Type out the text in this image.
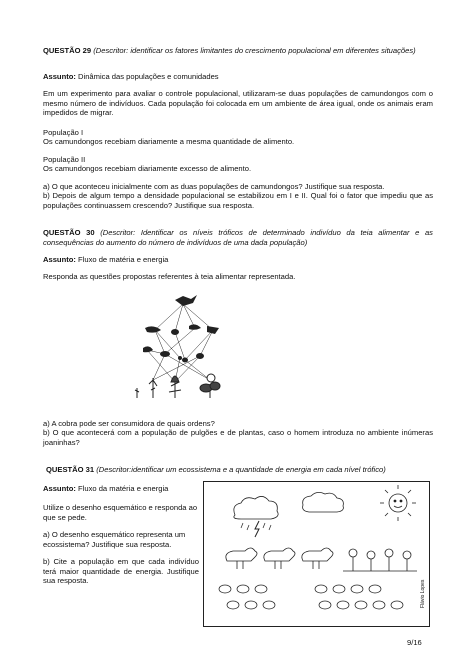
QUESTÃO 29 (Descritor: identificar os fatores limitantes do crescimento populacional em diferentes situações)
Assunto: Dinâmica das populações e comunidades
Em um experimento para avaliar o controle populacional, utilizaram-se duas populações de camundongos com o mesmo número de indivíduos. Cada população foi colocada em um ambiente de área igual, onde os animais eram impedidos de migrar.
População I
Os camundongos recebiam diariamente a mesma quantidade de alimento.
População II
Os camundongos recebiam diariamente excesso de alimento.
a) O que aconteceu inicialmente com as duas populações de camundongos? Justifique sua resposta.
b) Depois de algum tempo a densidade populacional se estabilizou em I e II. Qual foi o fator que impediu que as populações continuassem crescendo? Justifique sua resposta.
QUESTÃO 30 (Descritor: Identificar os níveis tróficos de determinado indivíduo da teia alimentar e as consequências do aumento do número de indivíduos de uma dada população)
Assunto: Fluxo de matéria e energia
Responda as questões propostas referentes à teia alimentar representada.
a) A cobra pode ser consumidora de quais ordens?
b) O que acontecerá com a população de pulgões e de plantas, caso o homem introduza no ambiente inúmeras joaninhas?
QUESTÃO 31 (Descritor:identificar um ecossistema e a quantidade de energia em cada nível trófico)
Assunto: Fluxo da matéria e energia
Utilize o desenho esquemático e responda ao que se pede.
a) O desenho esquemático representa um ecossistema? Justifique sua resposta.
b) Cite a população em que cada indivíduo terá maior quantidade de energia. Justifique sua resposta.	Flávio Lopes
9/16
